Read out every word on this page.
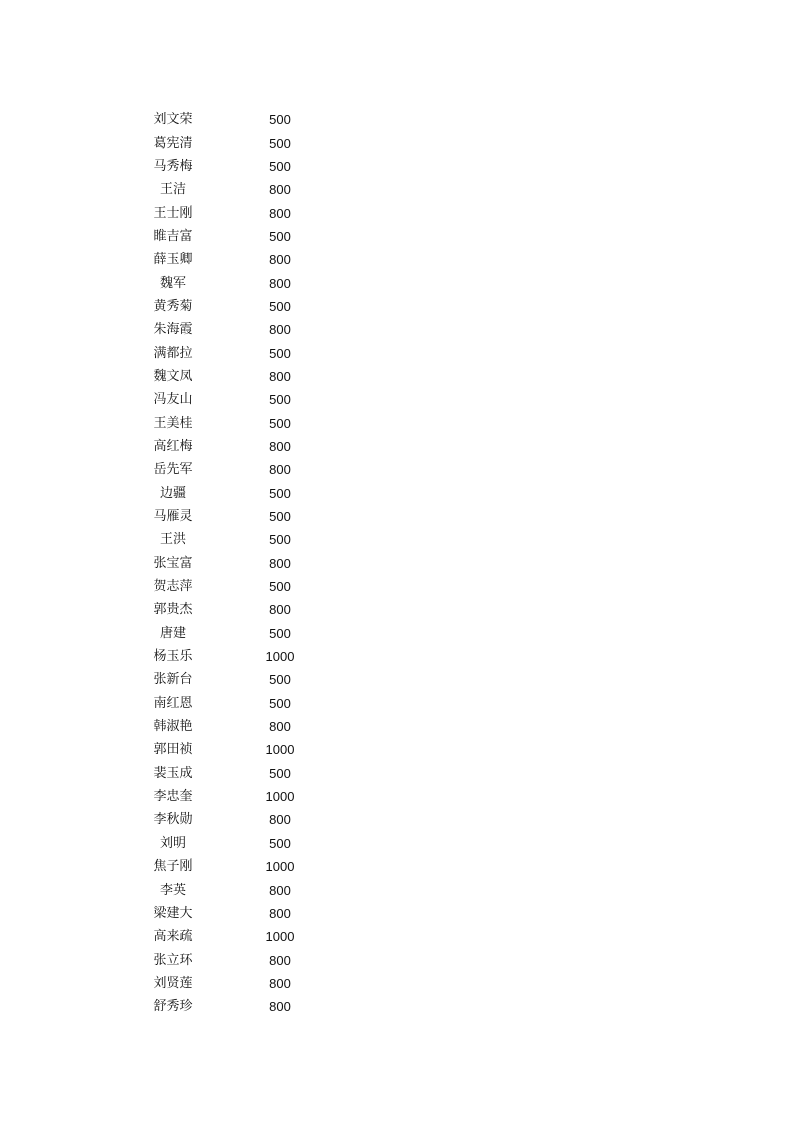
刘文荣	500
葛宪清	500
马秀梅	500
王洁	800
王士刚	800
睢吉富	500
薛玉卿	800
魏军	800
黄秀菊	500
朱海霞	800
满都拉	500
魏文凤	800
冯友山	500
王美桂	500
高红梅	800
岳先军	800
边疆	500
马雁灵	500
王洪	500
张宝富	800
贺志萍	500
郭贵杰	800
唐建	500
杨玉乐	1000
张新台	500
南红恩	500
韩淑艳	800
郭田祯	1000
裴玉成	500
李忠奎	1000
李秋勋	800
刘明	500
焦子刚	1000
李英	800
梁建大	800
高来疏	1000
张立环	800
刘贤莲	800
舒秀珍	800
